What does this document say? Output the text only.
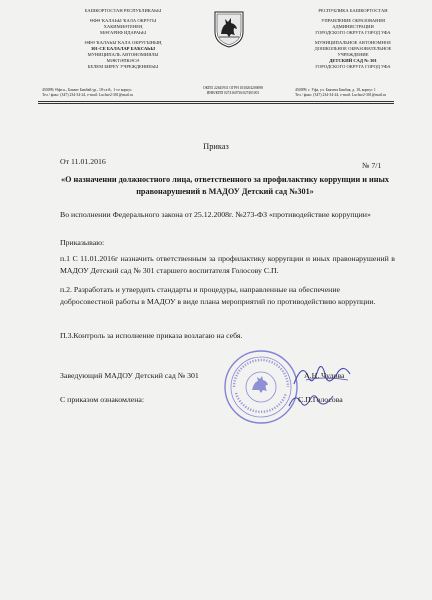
БАШКОРТОСТАН РЕСПУБЛИКАҺЫ
ӨФӨ ҠАЛАҺЫ ҠАЛА ОКРУГЫ
ХАКИМИӘТЕНЕҢ
МӘҒАРИФ ИДАРАҺЫ
ӨФӨ ҠАЛАҺЫ ҠАЛА ОКРУГЫНЫҢ
301-СЕ БАЛАЛАР БАҠСАҺЫ
МУНИЦИПАЛЬ АВТОНОМИЯЛЫ
МӘКТӘПКӘСӘ
БЕЛЕМ БИРЕҮ УЧРЕЖДЕНИЕҺЫ
РЕСПУБЛИКА БАШКОРТОСТАН
УПРАВЛЕНИЕ ОБРАЗОВАНИЯ
АДМИНИСТРАЦИИ
ГОРОДСКОГО ОКРУГА ГОРОД УФА
МУНИЦИПАЛЬНОЕ АВТОНОМНОЕ
ДОШКОЛЬНОЕ ОБРАЗОВАТЕЛЬНОЕ
УЧРЕЖДЕНИЕ
ДЕТСКИЙ САД № 301
ГОРОДСКОГО ОКРУГА ГОРОД УФА
450099, Өфө к., Баязит Бикбай ур., 18-се й., 1-се корпус
Тел / факс: (347) 234-34-24, e-mail: Luchse2-301@mail.ru
ОКПО 22645931 ОГРН 1030204200698
ИНН/КПП 0274160736/027401001
450099, г. Уфа, ул. Баязита Бикбая, д. 18, корпус 1
Тел / факс: (347) 234-34-24, e-mail: Luchse2-301@mail.ru
Приказ
От 11.01.2016	№ 7/1
«О назначении должностного лица, ответственного за профилактику коррупции и иных правонарушений в МАДОУ Детский сад №301»
Во исполнении Федерального закона от 25.12.2008г. №273-ФЗ «противодействие коррупции»
Приказываю:
п.1 С 11.01.2016г назначить ответственным за профилактику коррупции и иных правонарушений в МАДОУ Детский сад № 301 старшего воспитателя Голосову С.П.
п.2. Разработать и утвердить стандарты и процедуры, направленные на обеспечение добросовестной работы в МАДОУ в виде плана мероприятий по противодействию коррупции.
П.3.Контроль за исполнение приказа возлагаю на себя.
Заведующий МАДОУ Детский сад № 301	А.Н. Чудова
С приказом ознакомлена:	С.П.Голосова
